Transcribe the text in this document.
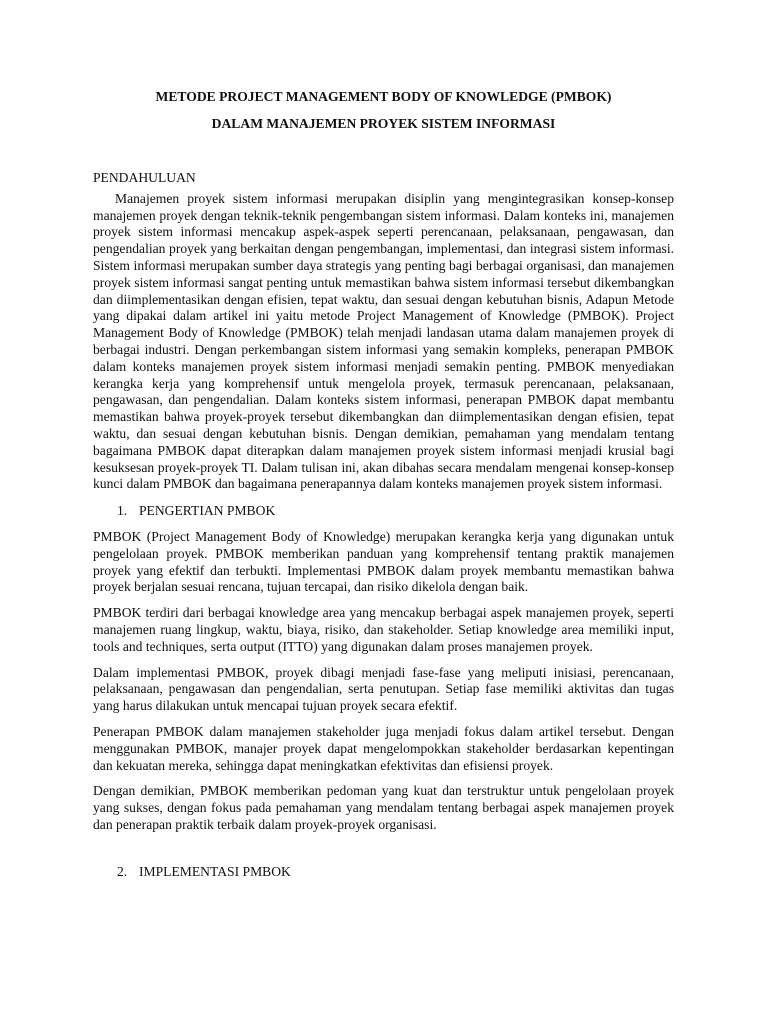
METODE PROJECT MANAGEMENT BODY OF KNOWLEDGE (PMBOK)
DALAM MANAJEMEN PROYEK SISTEM INFORMASI
PENDAHULUAN

Manajemen proyek sistem informasi merupakan disiplin yang mengintegrasikan konsep-konsep manajemen proyek dengan teknik-teknik pengembangan sistem informasi. Dalam konteks ini, manajemen proyek sistem informasi mencakup aspek-aspek seperti perencanaan, pelaksanaan, pengawasan, dan pengendalian proyek yang berkaitan dengan pengembangan, implementasi, dan integrasi sistem informasi. Sistem informasi merupakan sumber daya strategis yang penting bagi berbagai organisasi, dan manajemen proyek sistem informasi sangat penting untuk memastikan bahwa sistem informasi tersebut dikembangkan dan diimplementasikan dengan efisien, tepat waktu, dan sesuai dengan kebutuhan bisnis, Adapun Metode yang dipakai dalam artikel ini yaitu metode Project Management of Knowledge (PMBOK). Project Management Body of Knowledge (PMBOK) telah menjadi landasan utama dalam manajemen proyek di berbagai industri. Dengan perkembangan sistem informasi yang semakin kompleks, penerapan PMBOK dalam konteks manajemen proyek sistem informasi menjadi semakin penting. PMBOK menyediakan kerangka kerja yang komprehensif untuk mengelola proyek, termasuk perencanaan, pelaksanaan, pengawasan, dan pengendalian. Dalam konteks sistem informasi, penerapan PMBOK dapat membantu memastikan bahwa proyek-proyek tersebut dikembangkan dan diimplementasikan dengan efisien, tepat waktu, dan sesuai dengan kebutuhan bisnis. Dengan demikian, pemahaman yang mendalam tentang bagaimana PMBOK dapat diterapkan dalam manajemen proyek sistem informasi menjadi krusial bagi kesuksesan proyek-proyek TI. Dalam tulisan ini, akan dibahas secara mendalam mengenai konsep-konsep kunci dalam PMBOK dan bagaimana penerapannya dalam konteks manajemen proyek sistem informasi.

1. PENGERTIAN PMBOK

PMBOK (Project Management Body of Knowledge) merupakan kerangka kerja yang digunakan untuk pengelolaan proyek. PMBOK memberikan panduan yang komprehensif tentang praktik manajemen proyek yang efektif dan terbukti. Implementasi PMBOK dalam proyek membantu memastikan bahwa proyek berjalan sesuai rencana, tujuan tercapai, dan risiko dikelola dengan baik.

PMBOK terdiri dari berbagai knowledge area yang mencakup berbagai aspek manajemen proyek, seperti manajemen ruang lingkup, waktu, biaya, risiko, dan stakeholder. Setiap knowledge area memiliki input, tools and techniques, serta output (ITTO) yang digunakan dalam proses manajemen proyek.

Dalam implementasi PMBOK, proyek dibagi menjadi fase-fase yang meliputi inisiasi, perencanaan, pelaksanaan, pengawasan dan pengendalian, serta penutupan. Setiap fase memiliki aktivitas dan tugas yang harus dilakukan untuk mencapai tujuan proyek secara efektif.

Penerapan PMBOK dalam manajemen stakeholder juga menjadi fokus dalam artikel tersebut. Dengan menggunakan PMBOK, manajer proyek dapat mengelompokkan stakeholder berdasarkan kepentingan dan kekuatan mereka, sehingga dapat meningkatkan efektivitas dan efisiensi proyek.

Dengan demikian, PMBOK memberikan pedoman yang kuat dan terstruktur untuk pengelolaan proyek yang sukses, dengan fokus pada pemahaman yang mendalam tentang berbagai aspek manajemen proyek dan penerapan praktik terbaik dalam proyek-proyek organisasi.

2. IMPLEMENTASI PMBOK
